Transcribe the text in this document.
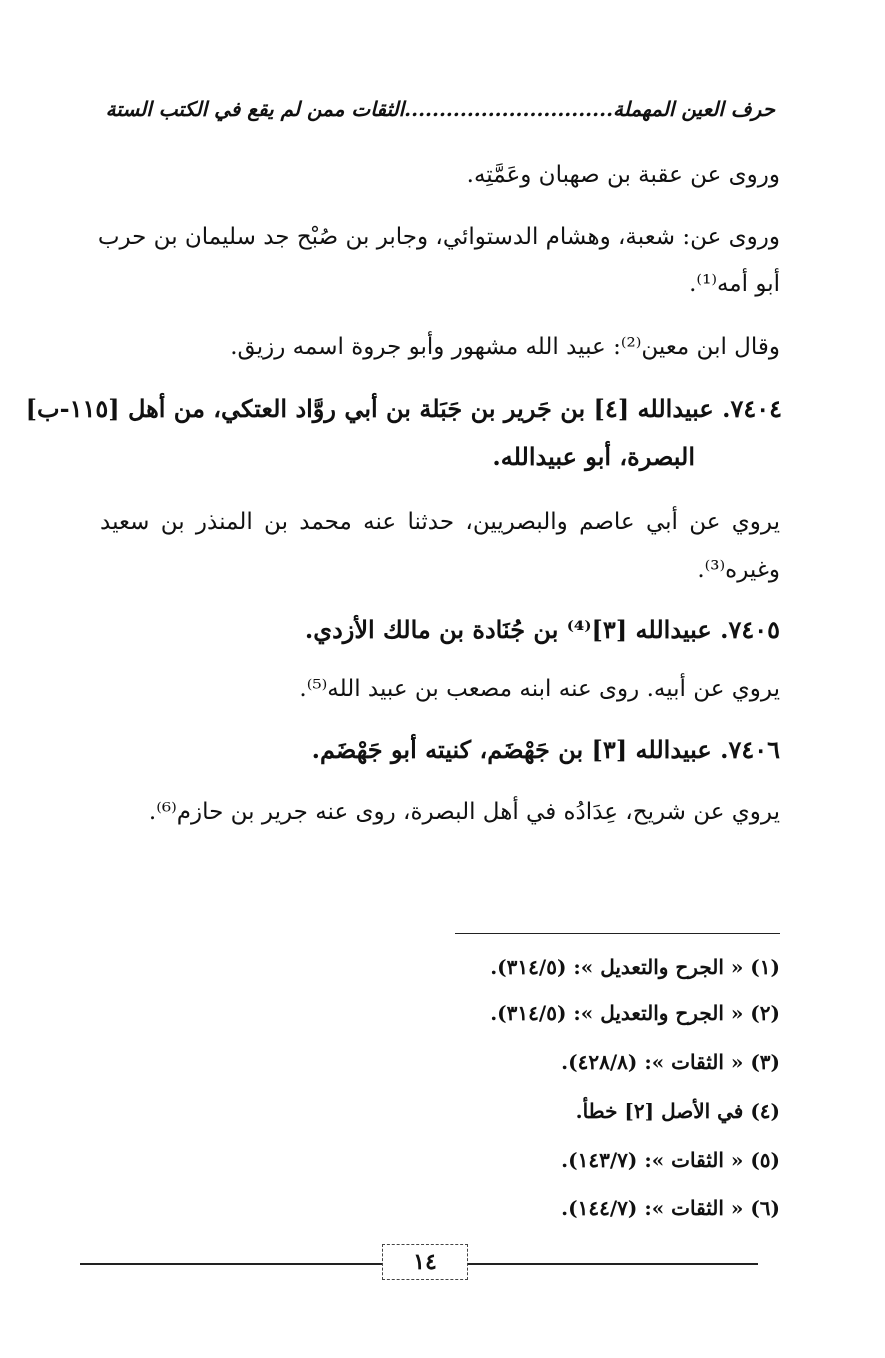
حرف العين المهملة..............................الثقات ممن لم يقع في الكتب الستة
وروى عن عقبة بن صهبان وعَمَّتِه.
وروى عن: شعبة، وهشام الدستوائي، وجابر بن صُبْح جد سليمان بن حرب
أبو أمه⁽¹⁾.
وقال ابن معين⁽²⁾: عبيد الله مشهور وأبو جروة اسمه رزيق.
٧٤٠٤. عبيدالله [٤] بن جَرير بن جَبَلة بن أبي روَّاد العتكي، من أهل [١١٥-ب]
البصرة، أبو عبيدالله.
يروي عن أبي عاصم والبصريين، حدثنا عنه محمد بن المنذر بن سعيد
وغيره⁽³⁾.
٧٤٠٥. عبيدالله [٣]⁽⁴⁾ بن جُنَادة بن مالك الأزدي.
يروي عن أبيه. روى عنه ابنه مصعب بن عبيد الله⁽⁵⁾.
٧٤٠٦. عبيدالله [٣] بن جَهْضَم، كنيته أبو جَهْضَم.
يروي عن شريح، عِدَادُه في أهل البصرة، روى عنه جرير بن حازم⁽⁶⁾.
(١) « الجرح والتعديل »: (٣١٤/٥).
(٢) « الجرح والتعديل »: (٣١٤/٥).
(٣) « الثقات »: (٤٢٨/٨).
(٤) في الأصل [٢] خطأ.
(٥) « الثقات »: (١٤٣/٧).
(٦) « الثقات »: (١٤٤/٧).
١٤
